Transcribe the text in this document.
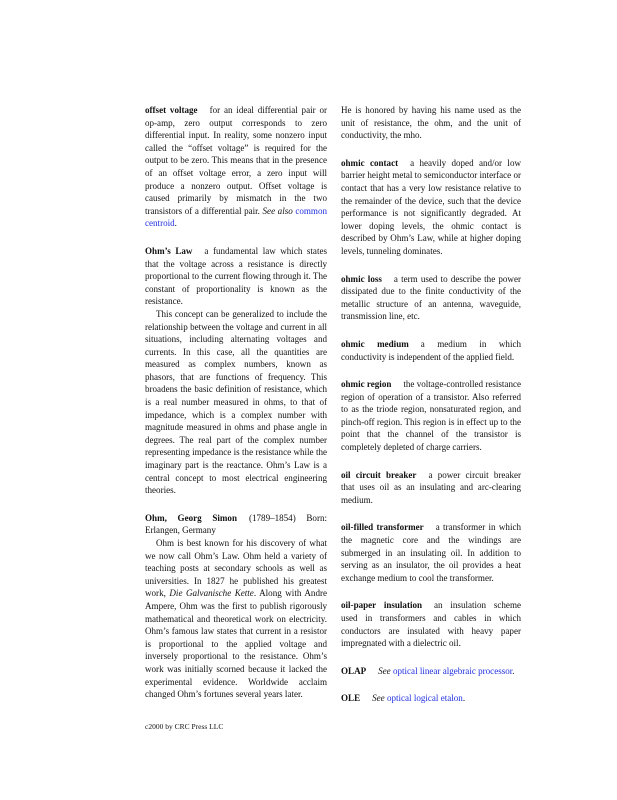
offset voltage for an ideal differential pair or op-amp, zero output corresponds to zero differential input. In reality, some nonzero input called the “offset voltage” is required for the output to be zero. This means that in the presence of an offset voltage error, a zero input will produce a nonzero output. Offset voltage is caused primarily by mismatch in the two transistors of a differential pair. See also common centroid.

Ohm’s Law a fundamental law which states that the voltage across a resistance is directly proportional to the current flowing through it. The constant of proportionality is known as the resistance.

This concept can be generalized to include the relationship between the voltage and current in all situations, including alternating voltages and currents. In this case, all the quantities are measured as complex numbers, known as phasors, that are functions of frequency. This broadens the basic definition of resistance, which is a real number measured in ohms, to that of impedance, which is a complex number with magnitude measured in ohms and phase angle in degrees. The real part of the complex number representing impedance is the resistance while the imaginary part is the reactance. Ohm’s Law is a central concept to most electrical engineering theories.

Ohm, Georg Simon (1789–1854) Born: Erlangen, Germany

Ohm is best known for his discovery of what we now call Ohm’s Law. Ohm held a variety of teaching posts at secondary schools as well as universities. In 1827 he published his greatest work, Die Galvanische Kette. Along with Andre Ampere, Ohm was the first to publish rigorously mathematical and theoretical work on electricity. Ohm’s famous law states that current in a resistor is proportional to the applied voltage and inversely proportional to the resistance. Ohm’s work was initially scorned because it lacked the experimental evidence. Worldwide acclaim changed Ohm’s fortunes several years later.

He is honored by having his name used as the unit of resistance, the ohm, and the unit of conductivity, the mho.

ohmic contact a heavily doped and/or low barrier height metal to semiconductor interface or contact that has a very low resistance relative to the remainder of the device, such that the device performance is not significantly degraded. At lower doping levels, the ohmic contact is described by Ohm’s Law, while at higher doping levels, tunneling dominates.

ohmic loss a term used to describe the power dissipated due to the finite conductivity of the metallic structure of an antenna, waveguide, transmission line, etc.

ohmic medium a medium in which conductivity is independent of the applied field.

ohmic region the voltage-controlled resistance region of operation of a transistor. Also referred to as the triode region, nonsaturated region, and pinch-off region. This region is in effect up to the point that the channel of the transistor is completely depleted of charge carriers.

oil circuit breaker a power circuit breaker that uses oil as an insulating and arc-clearing medium.

oil-filled transformer a transformer in which the magnetic core and the windings are submerged in an insulating oil. In addition to serving as an insulator, the oil provides a heat exchange medium to cool the transformer.

oil-paper insulation an insulation scheme used in transformers and cables in which conductors are insulated with heavy paper impregnated with a dielectric oil.

OLAP See optical linear algebraic processor.

OLE See optical logical etalon.

c2000 by CRC Press LLC
